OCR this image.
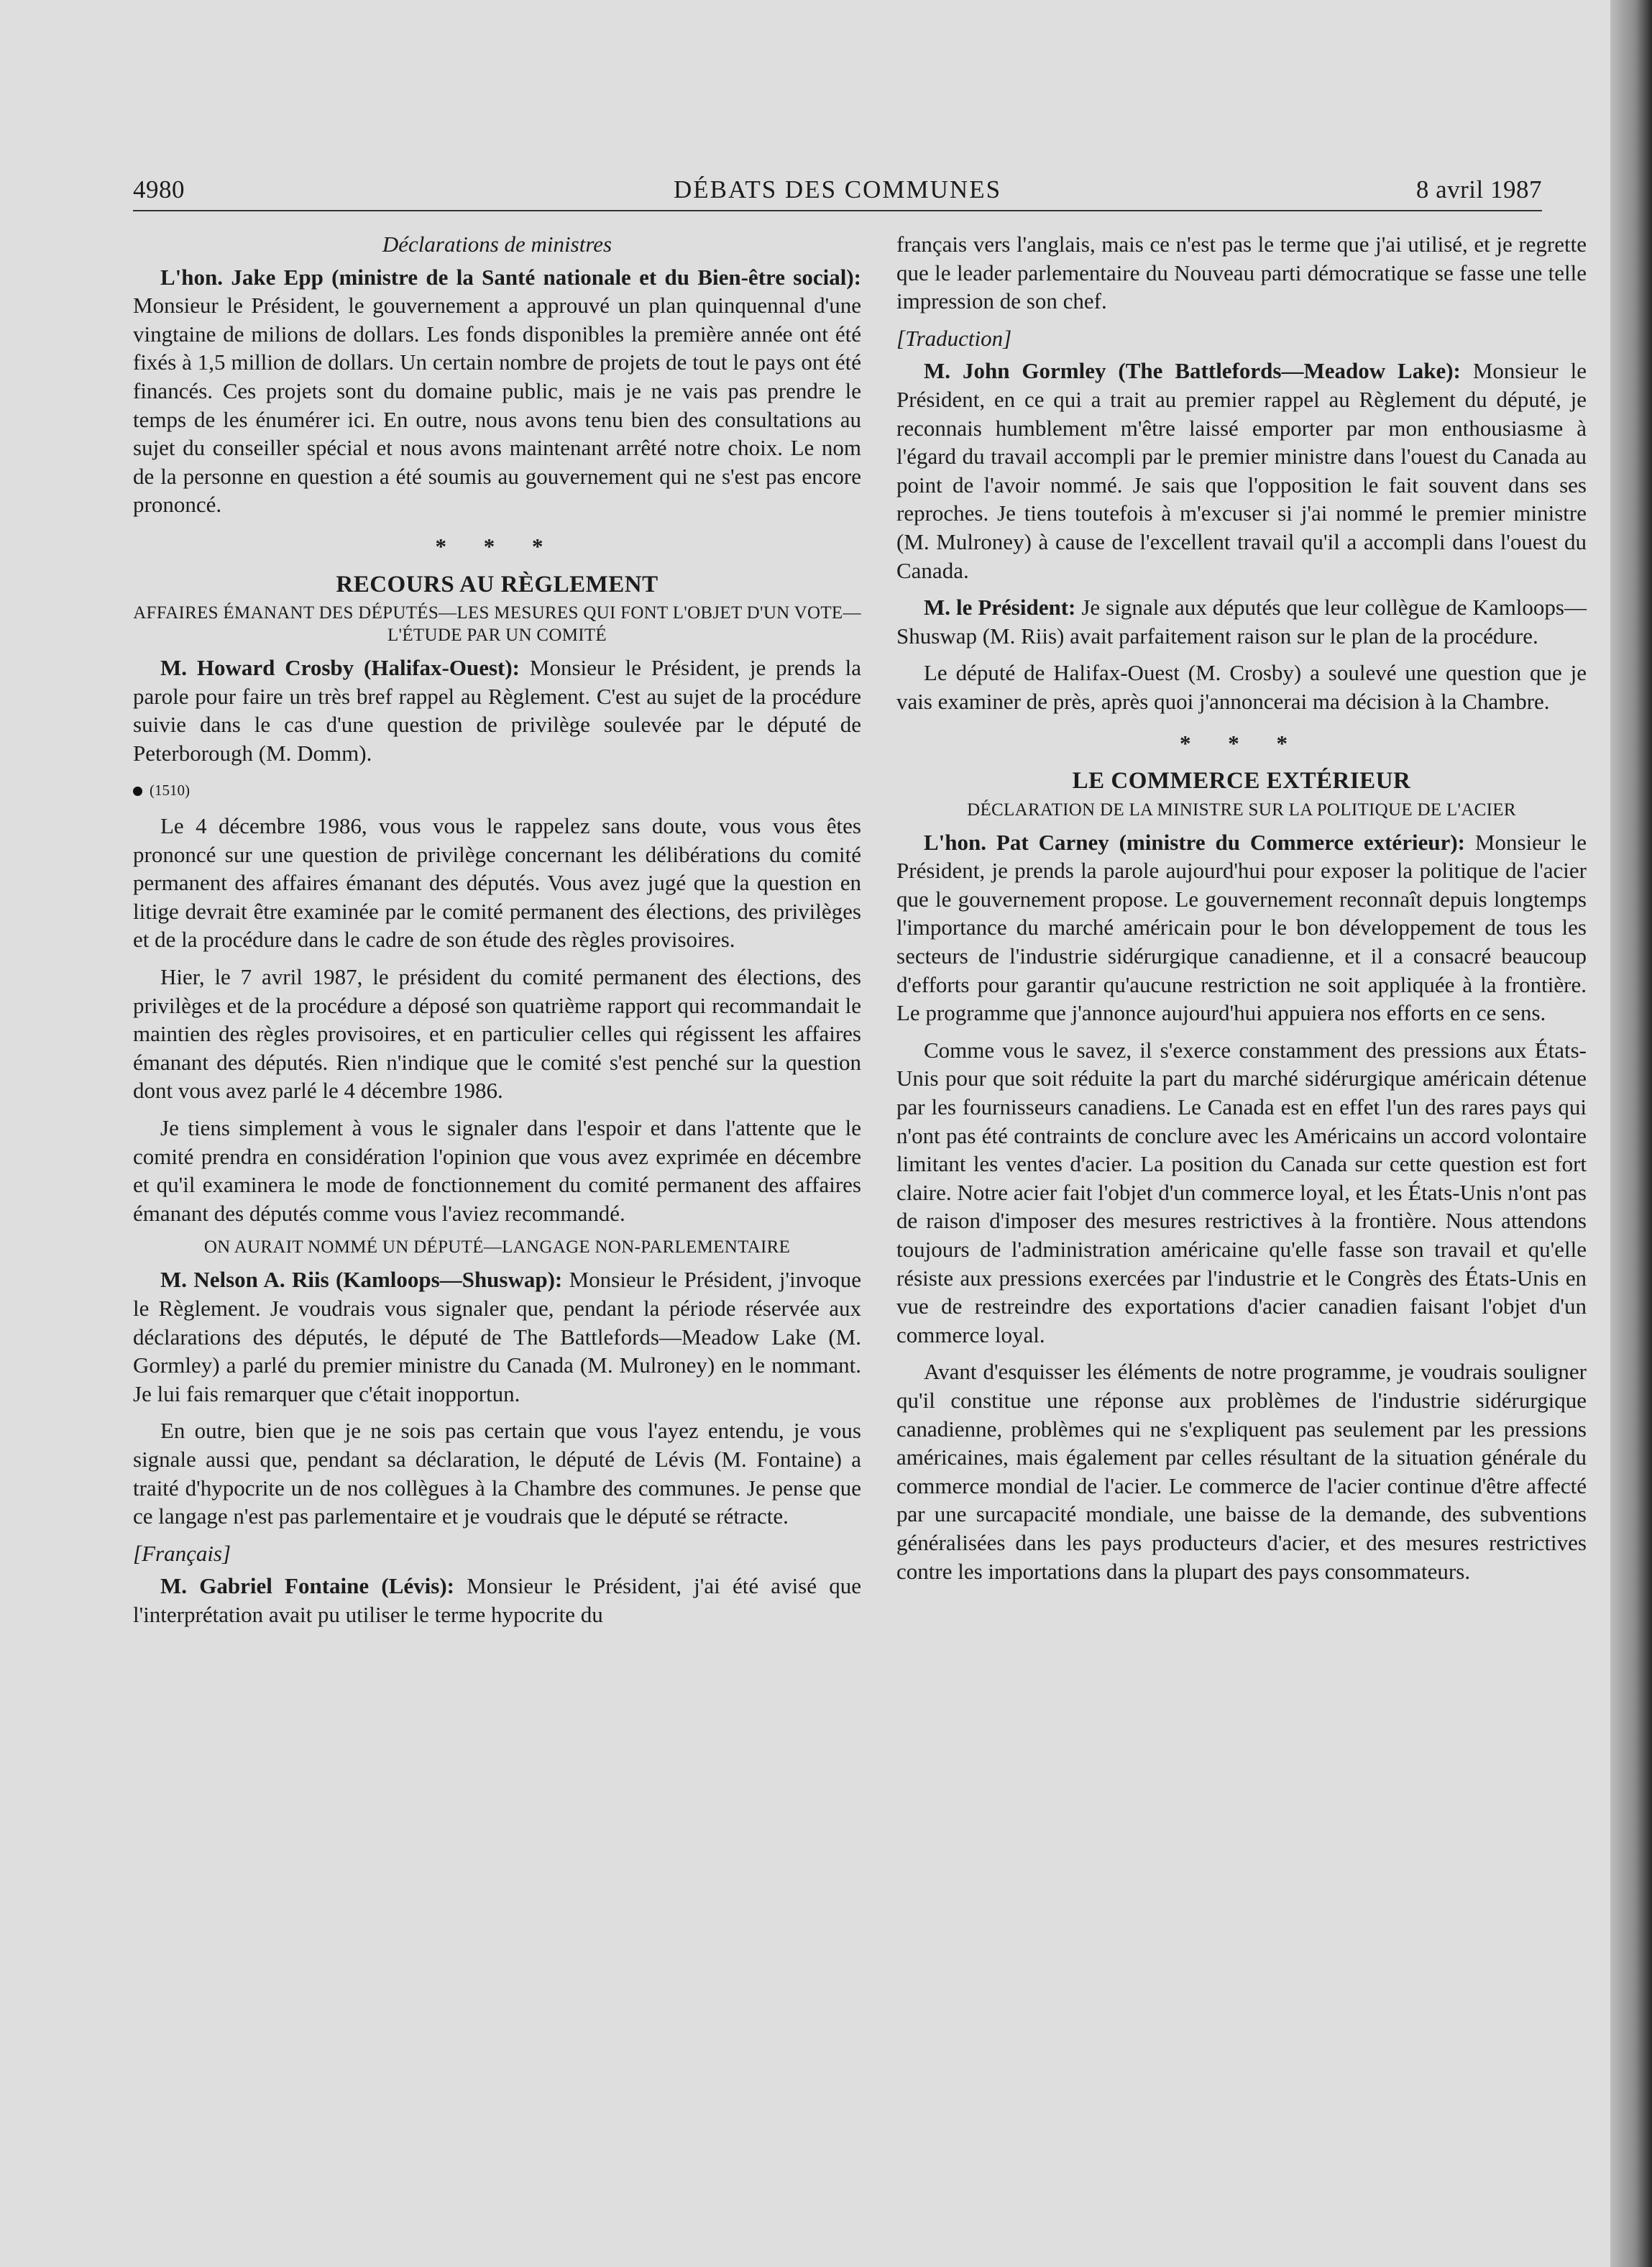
4980	DÉBATS DES COMMUNES	8 avril 1987
Déclarations de ministres

L'hon. Jake Epp (ministre de la Santé nationale et du Bien-être social): Monsieur le Président, le gouvernement a approuvé un plan quinquennal d'une vingtaine de milions de dollars. Les fonds disponibles la première année ont été fixés à 1,5 million de dollars. Un certain nombre de projets de tout le pays ont été financés. Ces projets sont du domaine public, mais je ne vais pas prendre le temps de les énumérer ici. En outre, nous avons tenu bien des consultations au sujet du conseiller spécial et nous avons maintenant arrêté notre choix. Le nom de la personne en question a été soumis au gouvernement qui ne s'est pas encore prononcé.

* * *
RECOURS AU RÈGLEMENT
AFFAIRES ÉMANANT DES DÉPUTÉS—LES MESURES QUI FONT L'OBJET D'UN VOTE—L'ÉTUDE PAR UN COMITÉ

M. Howard Crosby (Halifax-Ouest): Monsieur le Président, je prends la parole pour faire un très bref rappel au Règlement. C'est au sujet de la procédure suivie dans le cas d'une question de privilège soulevée par le député de Peterborough (M. Domm).

(1510)

Le 4 décembre 1986, vous vous le rappelez sans doute, vous vous êtes prononcé sur une question de privilège concernant les délibérations du comité permanent des affaires émanant des députés. Vous avez jugé que la question en litige devrait être examinée par le comité permanent des élections, des privilèges et de la procédure dans le cadre de son étude des règles provisoires.

Hier, le 7 avril 1987, le président du comité permanent des élections, des privilèges et de la procédure a déposé son quatrième rapport qui recommandait le maintien des règles provisoires, et en particulier celles qui régissent les affaires émanant des députés. Rien n'indique que le comité s'est penché sur la question dont vous avez parlé le 4 décembre 1986.

Je tiens simplement à vous le signaler dans l'espoir et dans l'attente que le comité prendra en considération l'opinion que vous avez exprimée en décembre et qu'il examinera le mode de fonctionnement du comité permanent des affaires émanant des députés comme vous l'aviez recommandé.

ON AURAIT NOMMÉ UN DÉPUTÉ—LANGAGE NON-PARLEMENTAIRE

M. Nelson A. Riis (Kamloops—Shuswap): Monsieur le Président, j'invoque le Règlement. Je voudrais vous signaler que, pendant la période réservée aux déclarations des députés, le député de The Battlefords—Meadow Lake (M. Gormley) a parlé du premier ministre du Canada (M. Mulroney) en le nommant. Je lui fais remarquer que c'était inopportun.

En outre, bien que je ne sois pas certain que vous l'ayez entendu, je vous signale aussi que, pendant sa déclaration, le député de Lévis (M. Fontaine) a traité d'hypocrite un de nos collègues à la Chambre des communes. Je pense que ce langage n'est pas parlementaire et je voudrais que le député se rétracte.

[Français]

M. Gabriel Fontaine (Lévis): Monsieur le Président, j'ai été avisé que l'interprétation avait pu utiliser le terme hypocrite du

français vers l'anglais, mais ce n'est pas le terme que j'ai utilisé, et je regrette que le leader parlementaire du Nouveau parti démocratique se fasse une telle impression de son chef.

[Traduction]

M. John Gormley (The Battlefords—Meadow Lake): Monsieur le Président, en ce qui a trait au premier rappel au Règlement du député, je reconnais humblement m'être laissé emporter par mon enthousiasme à l'égard du travail accompli par le premier ministre dans l'ouest du Canada au point de l'avoir nommé. Je sais que l'opposition le fait souvent dans ses reproches. Je tiens toutefois à m'excuser si j'ai nommé le premier ministre (M. Mulroney) à cause de l'excellent travail qu'il a accompli dans l'ouest du Canada.

M. le Président: Je signale aux députés que leur collègue de Kamloops—Shuswap (M. Riis) avait parfaitement raison sur le plan de la procédure.

Le député de Halifax-Ouest (M. Crosby) a soulevé une question que je vais examiner de près, après quoi j'annoncerai ma décision à la Chambre.

* * *
LE COMMERCE EXTÉRIEUR
DÉCLARATION DE LA MINISTRE SUR LA POLITIQUE DE L'ACIER

L'hon. Pat Carney (ministre du Commerce extérieur): Monsieur le Président, je prends la parole aujourd'hui pour exposer la politique de l'acier que le gouvernement propose. Le gouvernement reconnaît depuis longtemps l'importance du marché américain pour le bon développement de tous les secteurs de l'industrie sidérurgique canadienne, et il a consacré beaucoup d'efforts pour garantir qu'aucune restriction ne soit appliquée à la frontière. Le programme que j'annonce aujourd'hui appuiera nos efforts en ce sens.

Comme vous le savez, il s'exerce constamment des pressions aux États-Unis pour que soit réduite la part du marché sidérurgique américain détenue par les fournisseurs canadiens. Le Canada est en effet l'un des rares pays qui n'ont pas été contraints de conclure avec les Américains un accord volontaire limitant les ventes d'acier. La position du Canada sur cette question est fort claire. Notre acier fait l'objet d'un commerce loyal, et les États-Unis n'ont pas de raison d'imposer des mesures restrictives à la frontière. Nous attendons toujours de l'administration américaine qu'elle fasse son travail et qu'elle résiste aux pressions exercées par l'industrie et le Congrès des États-Unis en vue de restreindre des exportations d'acier canadien faisant l'objet d'un commerce loyal.

Avant d'esquisser les éléments de notre programme, je voudrais souligner qu'il constitue une réponse aux problèmes de l'industrie sidérurgique canadienne, problèmes qui ne s'expliquent pas seulement par les pressions américaines, mais également par celles résultant de la situation générale du commerce mondial de l'acier. Le commerce de l'acier continue d'être affecté par une surcapacité mondiale, une baisse de la demande, des subventions généralisées dans les pays producteurs d'acier, et des mesures restrictives contre les importations dans la plupart des pays consommateurs.
